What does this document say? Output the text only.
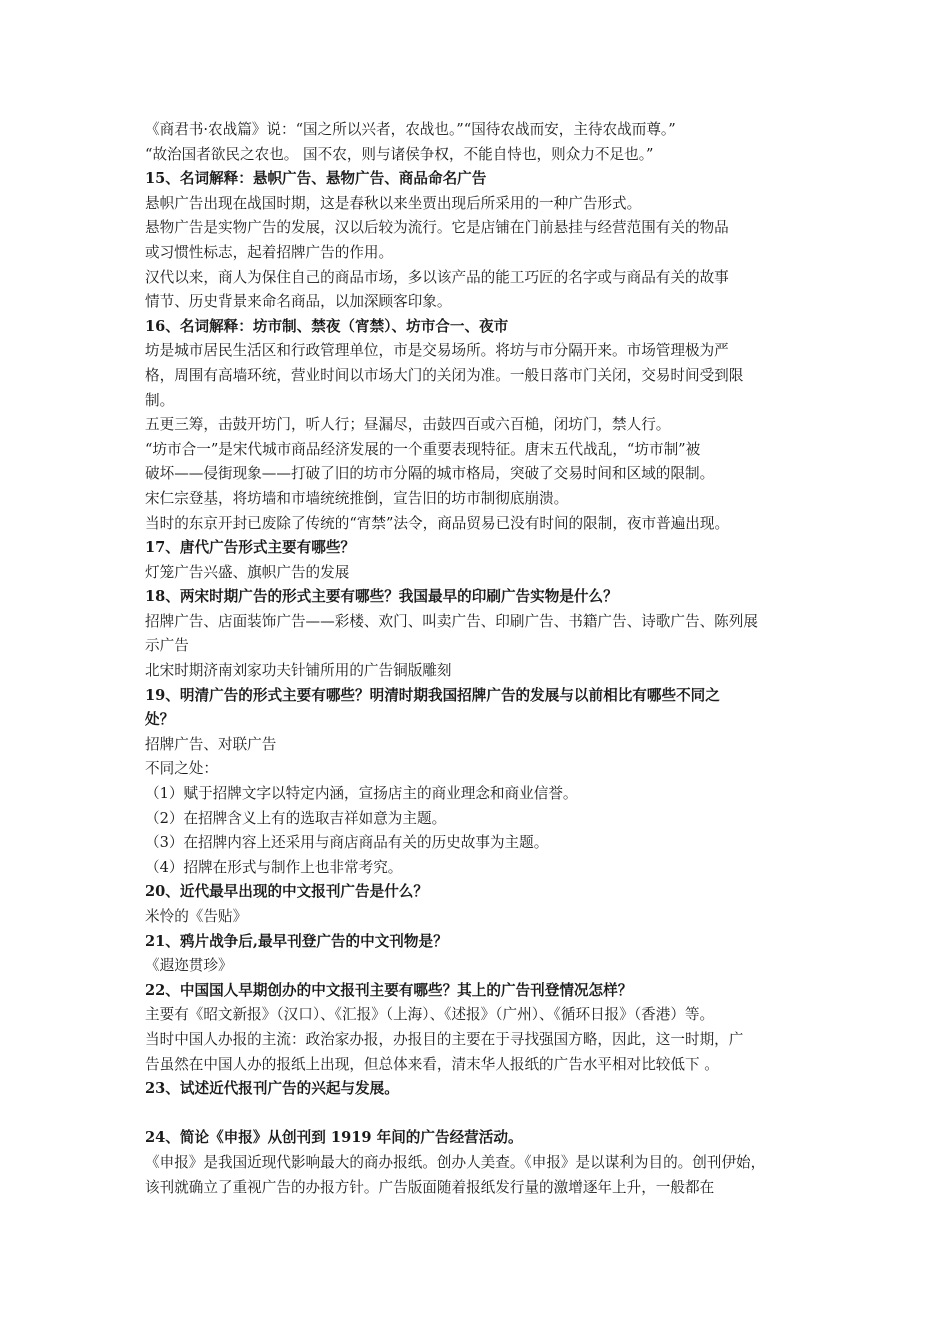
《商君书·农战篇》说：“国之所以兴者，农战也。”“国待农战而安，主待农战而尊。”

“故治国者欲民之农也。 国不农，则与诸侯争权，不能自恃也，则众力不足也。”

15、名词解释：悬帜广告、悬物广告、商品命名广告

悬帜广告出现在战国时期，这是春秋以来坐贾出现后所采用的一种广告形式。

悬物广告是实物广告的发展，汉以后较为流行。它是店铺在门前悬挂与经营范围有关的物品

或习惯性标志，起着招牌广告的作用。

汉代以来，商人为保住自己的商品市场，多以该产品的能工巧匠的名字或与商品有关的故事

情节、历史背景来命名商品，以加深顾客印象。

16、名词解释：坊市制、禁夜（宵禁）、坊市合一、夜市

坊是城市居民生活区和行政管理单位，市是交易场所。将坊与市分隔开来。市场管理极为严

格，周围有高墙环统，营业时间以市场大门的关闭为准。一般日落市门关闭，交易时间受到限

制。

五更三筹，击鼓开坊门，听人行；昼漏尽，击鼓四百或六百槌，闭坊门，禁人行。

“坊市合一”是宋代城市商品经济发展的一个重要表现特征。唐末五代战乱，“坊市制”被

破坏——侵街现象——打破了旧的坊市分隔的城市格局，突破了交易时间和区域的限制。

宋仁宗登基，将坊墙和市墙统统推倒，宣告旧的坊市制彻底崩溃。

当时的东京开封已废除了传统的“宵禁”法令，商品贸易已没有时间的限制，夜市普遍出现。

17、唐代广告形式主要有哪些？

灯笼广告兴盛、旗帜广告的发展

18、两宋时期广告的形式主要有哪些？我国最早的印刷广告实物是什么？

招牌广告、店面装饰广告——彩楼、欢门、叫卖广告、印刷广告、书籍广告、诗歌广告、陈列展

示广告

北宋时期济南刘家功夫针铺所用的广告铜版雕刻

19、明清广告的形式主要有哪些？明清时期我国招牌广告的发展与以前相比有哪些不同之

处？

招牌广告、对联广告

不同之处：

（1）赋于招牌文字以特定内涵，宣扬店主的商业理念和商业信誉。

（2）在招牌含义上有的选取吉祥如意为主题。

（3）在招牌内容上还采用与商店商品有关的历史故事为主题。

（4）招牌在形式与制作上也非常考究。

20、近代最早出现的中文报刊广告是什么？

米怜的《告贴》

21、鸦片战争后,最早刊登广告的中文刊物是？

《遐迩贯珍》

22、中国国人早期创办的中文报刊主要有哪些？其上的广告刊登情况怎样？

主要有《昭文新报》（汉口）、《汇报》（上海）、《述报》（广州）、《循环日报》（香港）等。

当时中国人办报的主流：政治家办报，办报目的主要在于寻找强国方略，因此，这一时期，广

告虽然在中国人办的报纸上出现，但总体来看，清末华人报纸的广告水平相对比较低下 。

23、试述近代报刊广告的兴起与发展。

24、简论《申报》从创刊到 1919 年间的广告经营活动。

《申报》是我国近现代影响最大的商办报纸。创办人美查。《申报》是以谋利为目的。创刊伊始，

该刊就确立了重视广告的办报方针。广告版面随着报纸发行量的激增逐年上升，一般都在
